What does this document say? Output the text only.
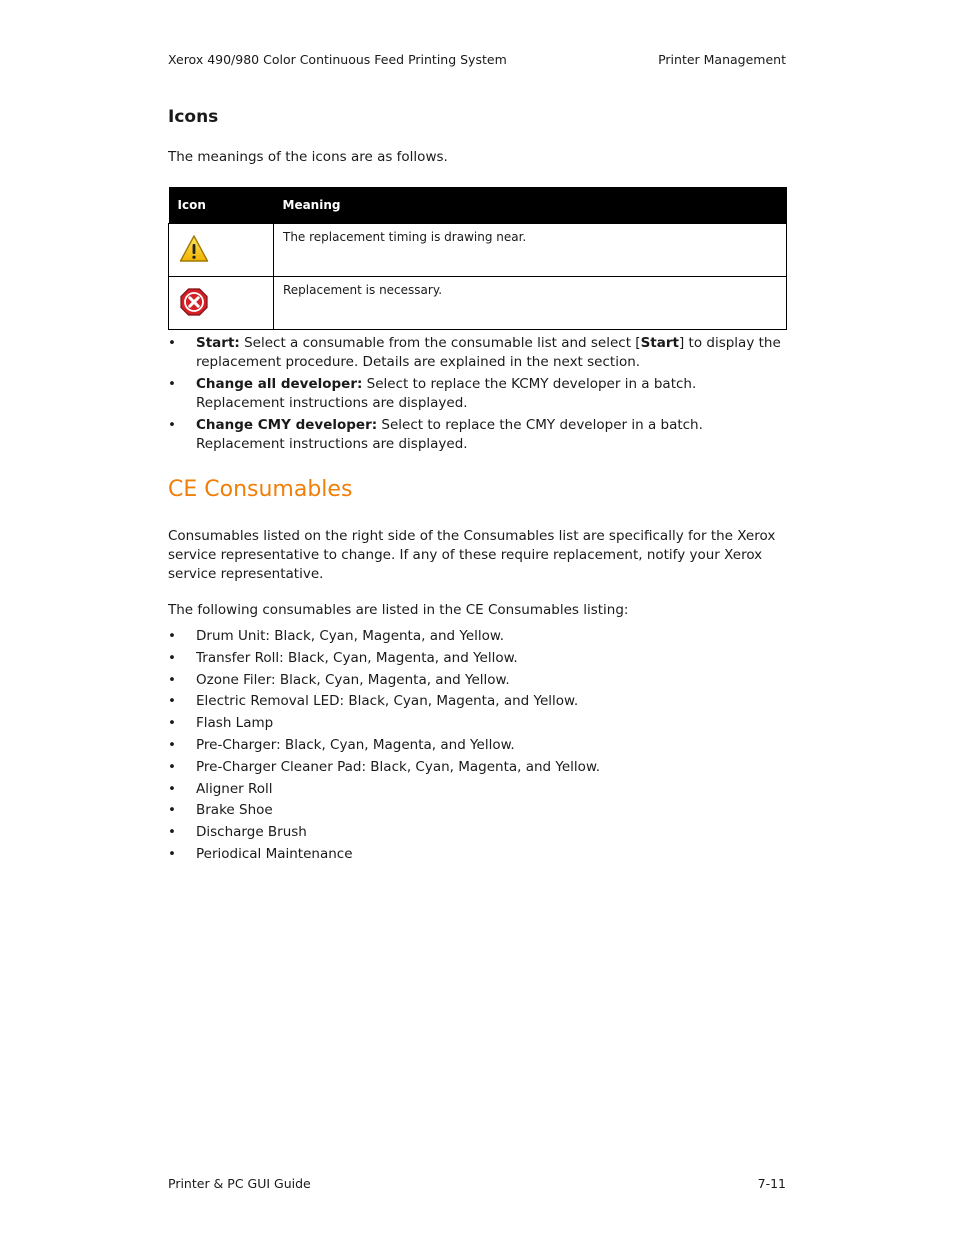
Xerox 490/980 Color Continuous Feed Printing System	Printer Management
Icons

The meanings of the icons are as follows.

Icon	Meaning
	The replacement timing is drawing near.
	Replacement is necessary.
• Start: Select a consumable from the consumable list and select [Start] to display the replacement procedure. Details are explained in the next section.
• Change all developer: Select to replace the KCMY developer in a batch. Replacement instructions are displayed.
• Change CMY developer: Select to replace the CMY developer in a batch. Replacement instructions are displayed.
CE Consumables

Consumables listed on the right side of the Consumables list are specifically for the Xerox service representative to change. If any of these require replacement, notify your Xerox service representative.

The following consumables are listed in the CE Consumables listing:

• Drum Unit: Black, Cyan, Magenta, and Yellow.
• Transfer Roll: Black, Cyan, Magenta, and Yellow.
• Ozone Filer: Black, Cyan, Magenta, and Yellow.
• Electric Removal LED: Black, Cyan, Magenta, and Yellow.
• Flash Lamp
• Pre-Charger: Black, Cyan, Magenta, and Yellow.
• Pre-Charger Cleaner Pad: Black, Cyan, Magenta, and Yellow.
• Aligner Roll
• Brake Shoe
• Discharge Brush
• Periodical Maintenance
Printer & PC GUI Guide	7-11
